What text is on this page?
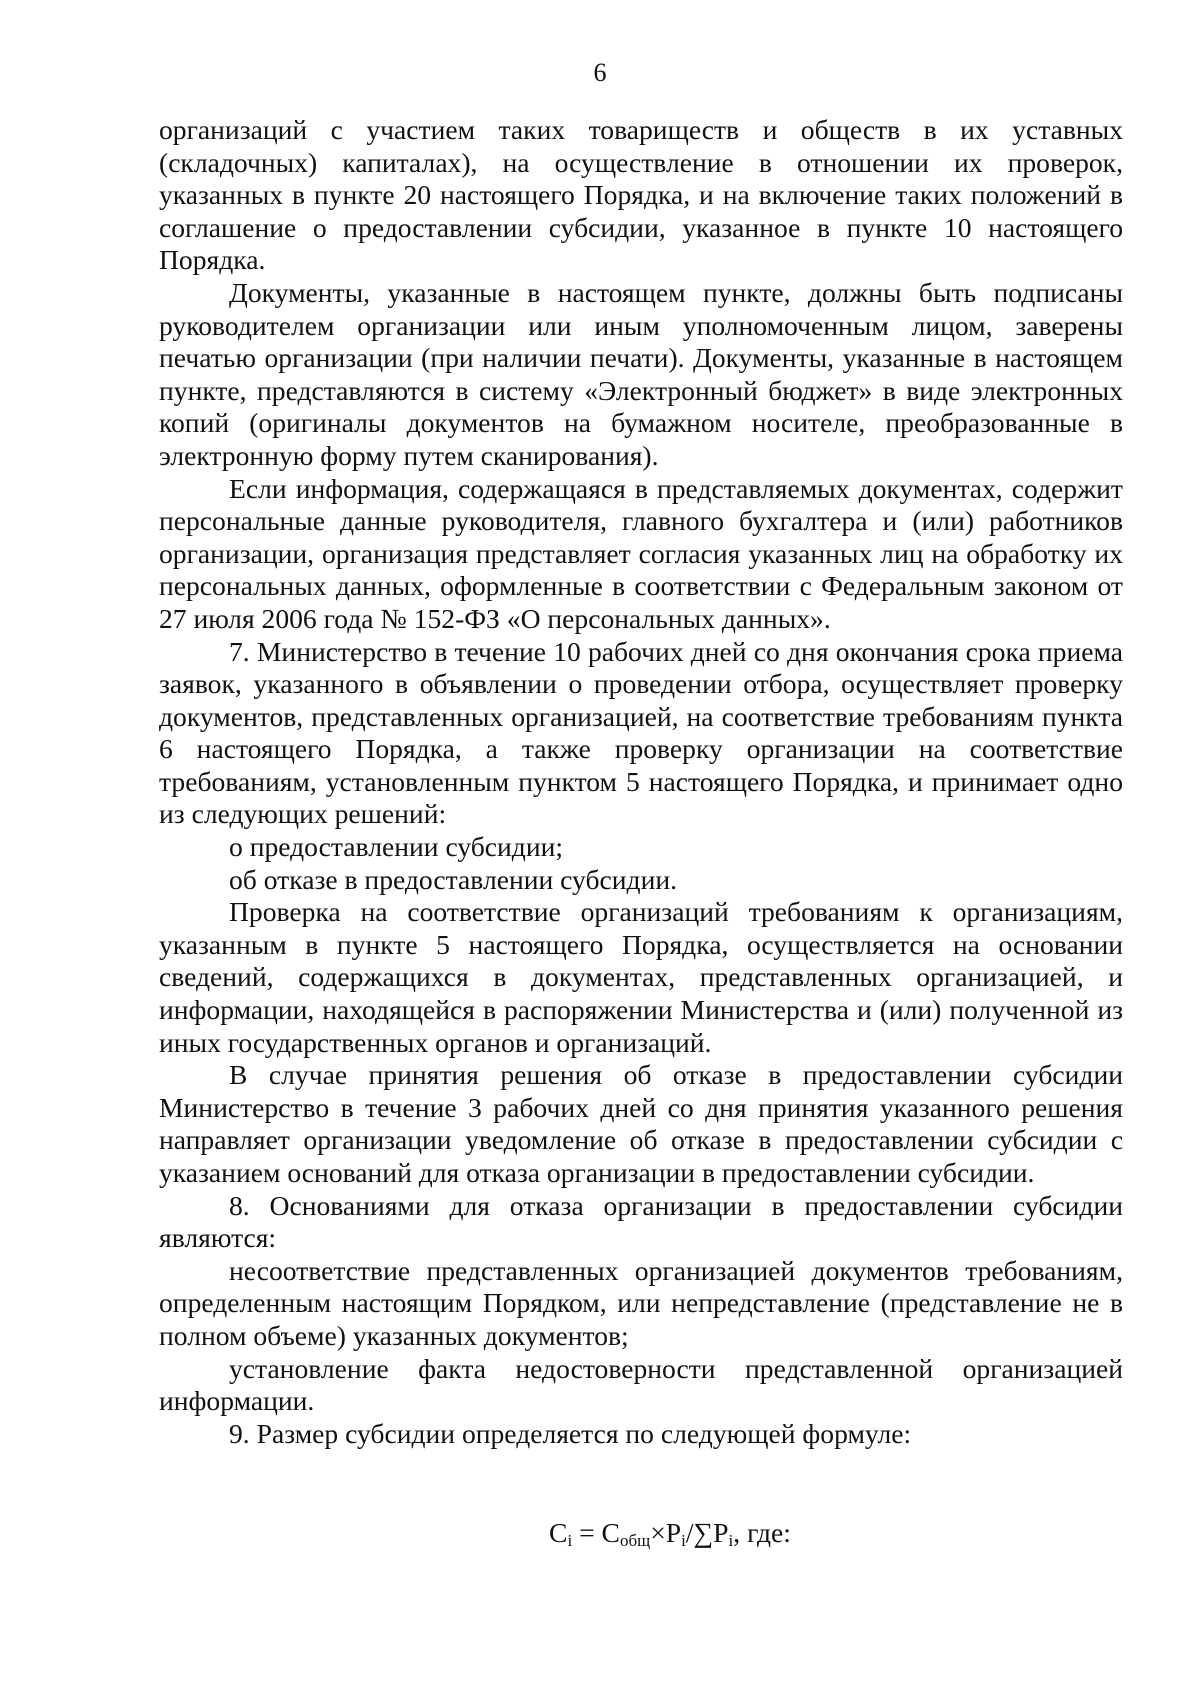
6

организаций с участием таких товариществ и обществ в их уставных (складочных) капиталах), на осуществление в отношении их проверок, указанных в пункте 20 настоящего Порядка, и на включение таких положений в соглашение о предоставлении субсидии, указанное в пункте 10 настоящего Порядка.

Документы, указанные в настоящем пункте, должны быть подписаны руководителем организации или иным уполномоченным лицом, заверены печатью организации (при наличии печати). Документы, указанные в настоящем пункте, представляются в систему «Электронный бюджет» в виде электронных копий (оригиналы документов на бумажном носителе, преобразованные в электронную форму путем сканирования).

Если информация, содержащаяся в представляемых документах, содержит персональные данные руководителя, главного бухгалтера и (или) работников организации, организация представляет согласия указанных лиц на обработку их персональных данных, оформленные в соответствии с Федеральным законом от 27 июля 2006 года № 152-ФЗ «О персональных данных».

7. Министерство в течение 10 рабочих дней со дня окончания срока приема заявок, указанного в объявлении о проведении отбора, осуществляет проверку документов, представленных организацией, на соответствие требованиям пункта 6 настоящего Порядка, а также проверку организации на соответствие требованиям, установленным пунктом 5 настоящего Порядка, и принимает одно из следующих решений:

о предоставлении субсидии;

об отказе в предоставлении субсидии.

Проверка на соответствие организаций требованиям к организациям, указанным в пункте 5 настоящего Порядка, осуществляется на основании сведений, содержащихся в документах, представленных организацией, и информации, находящейся в распоряжении Министерства и (или) полученной из иных государственных органов и организаций.

В случае принятия решения об отказе в предоставлении субсидии Министерство в течение 3 рабочих дней со дня принятия указанного решения направляет организации уведомление об отказе в предоставлении субсидии с указанием оснований для отказа организации в предоставлении субсидии.

8. Основаниями для отказа организации в предоставлении субсидии являются:

несоответствие представленных организацией документов требованиям, определенным настоящим Порядком, или непредставление (представление не в полном объеме) указанных документов;

установление факта недостоверности представленной организацией информации.

9. Размер субсидии определяется по следующей формуле:

$C_i = C_{общ}\times P_i/\sum P_i$, где:
